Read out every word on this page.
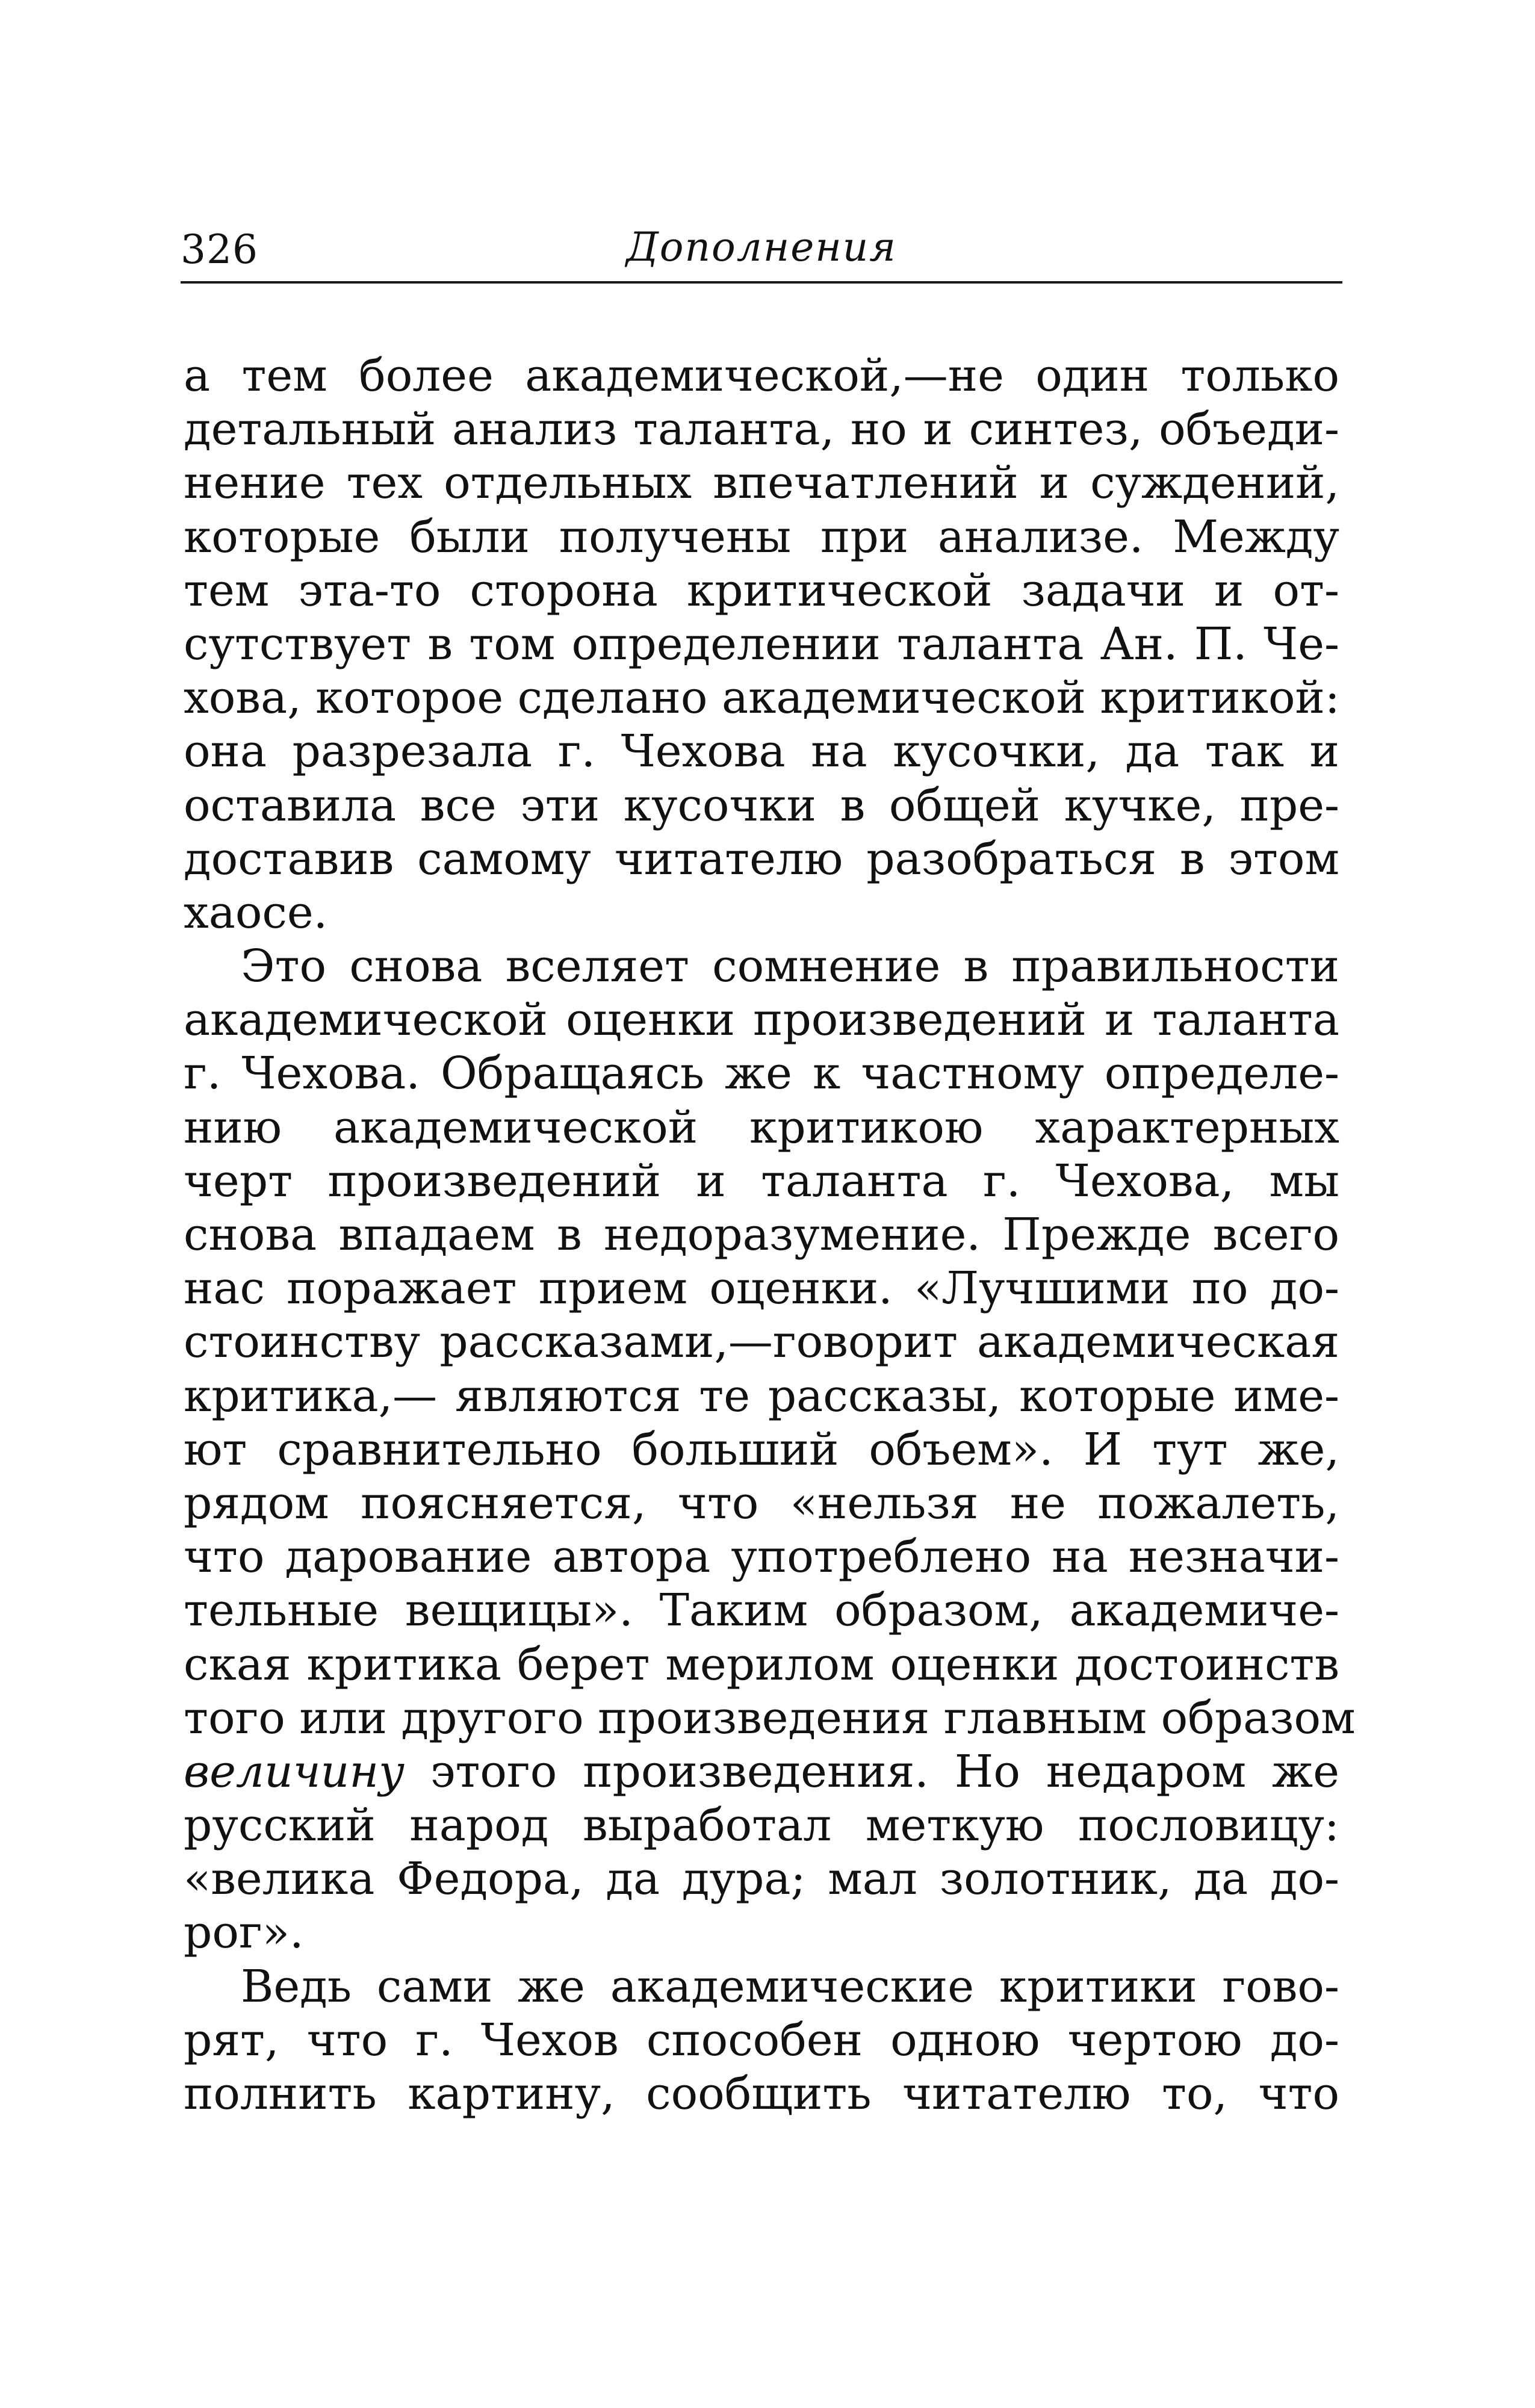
326	Дополнения
а тем более академической,—не один только
детальный анализ таланта, но и синтез, объеди-
нение тех отдельных впечатлений и суждений,
которые были получены при анализе. Между
тем эта-то сторона критической задачи и от-
сутствует в том определении таланта Ан. П. Че-
хова, которое сделано академической критикой:
она разрезала г. Чехова на кусочки, да так и
оставила все эти кусочки в общей кучке, пре-
доставив самому читателю разобраться в этом
хаосе.
Это снова вселяет сомнение в правильности
академической оценки произведений и таланта
г. Чехова. Обращаясь же к частному определе-
нию академической критикою характерных
черт произведений и таланта г. Чехова, мы
снова впадаем в недоразумение. Прежде всего
нас поражает прием оценки. «Лучшими по до-
стоинству рассказами,—говорит академическая
критика,— являются те рассказы, которые име-
ют сравнительно больший объем». И тут же,
рядом поясняется, что «нельзя не пожалеть,
что дарование автора употреблено на незначи-
тельные вещицы». Таким образом, академиче-
ская критика берет мерилом оценки достоинств
того или другого произведения главным образом
величину этого произведения. Но недаром же
русский народ выработал меткую пословицу:
«велика Федора, да дура; мал золотник, да до-
рог».
Ведь сами же академические критики гово-
рят, что г. Чехов способен одною чертою до-
полнить картину, сообщить читателю то, что
